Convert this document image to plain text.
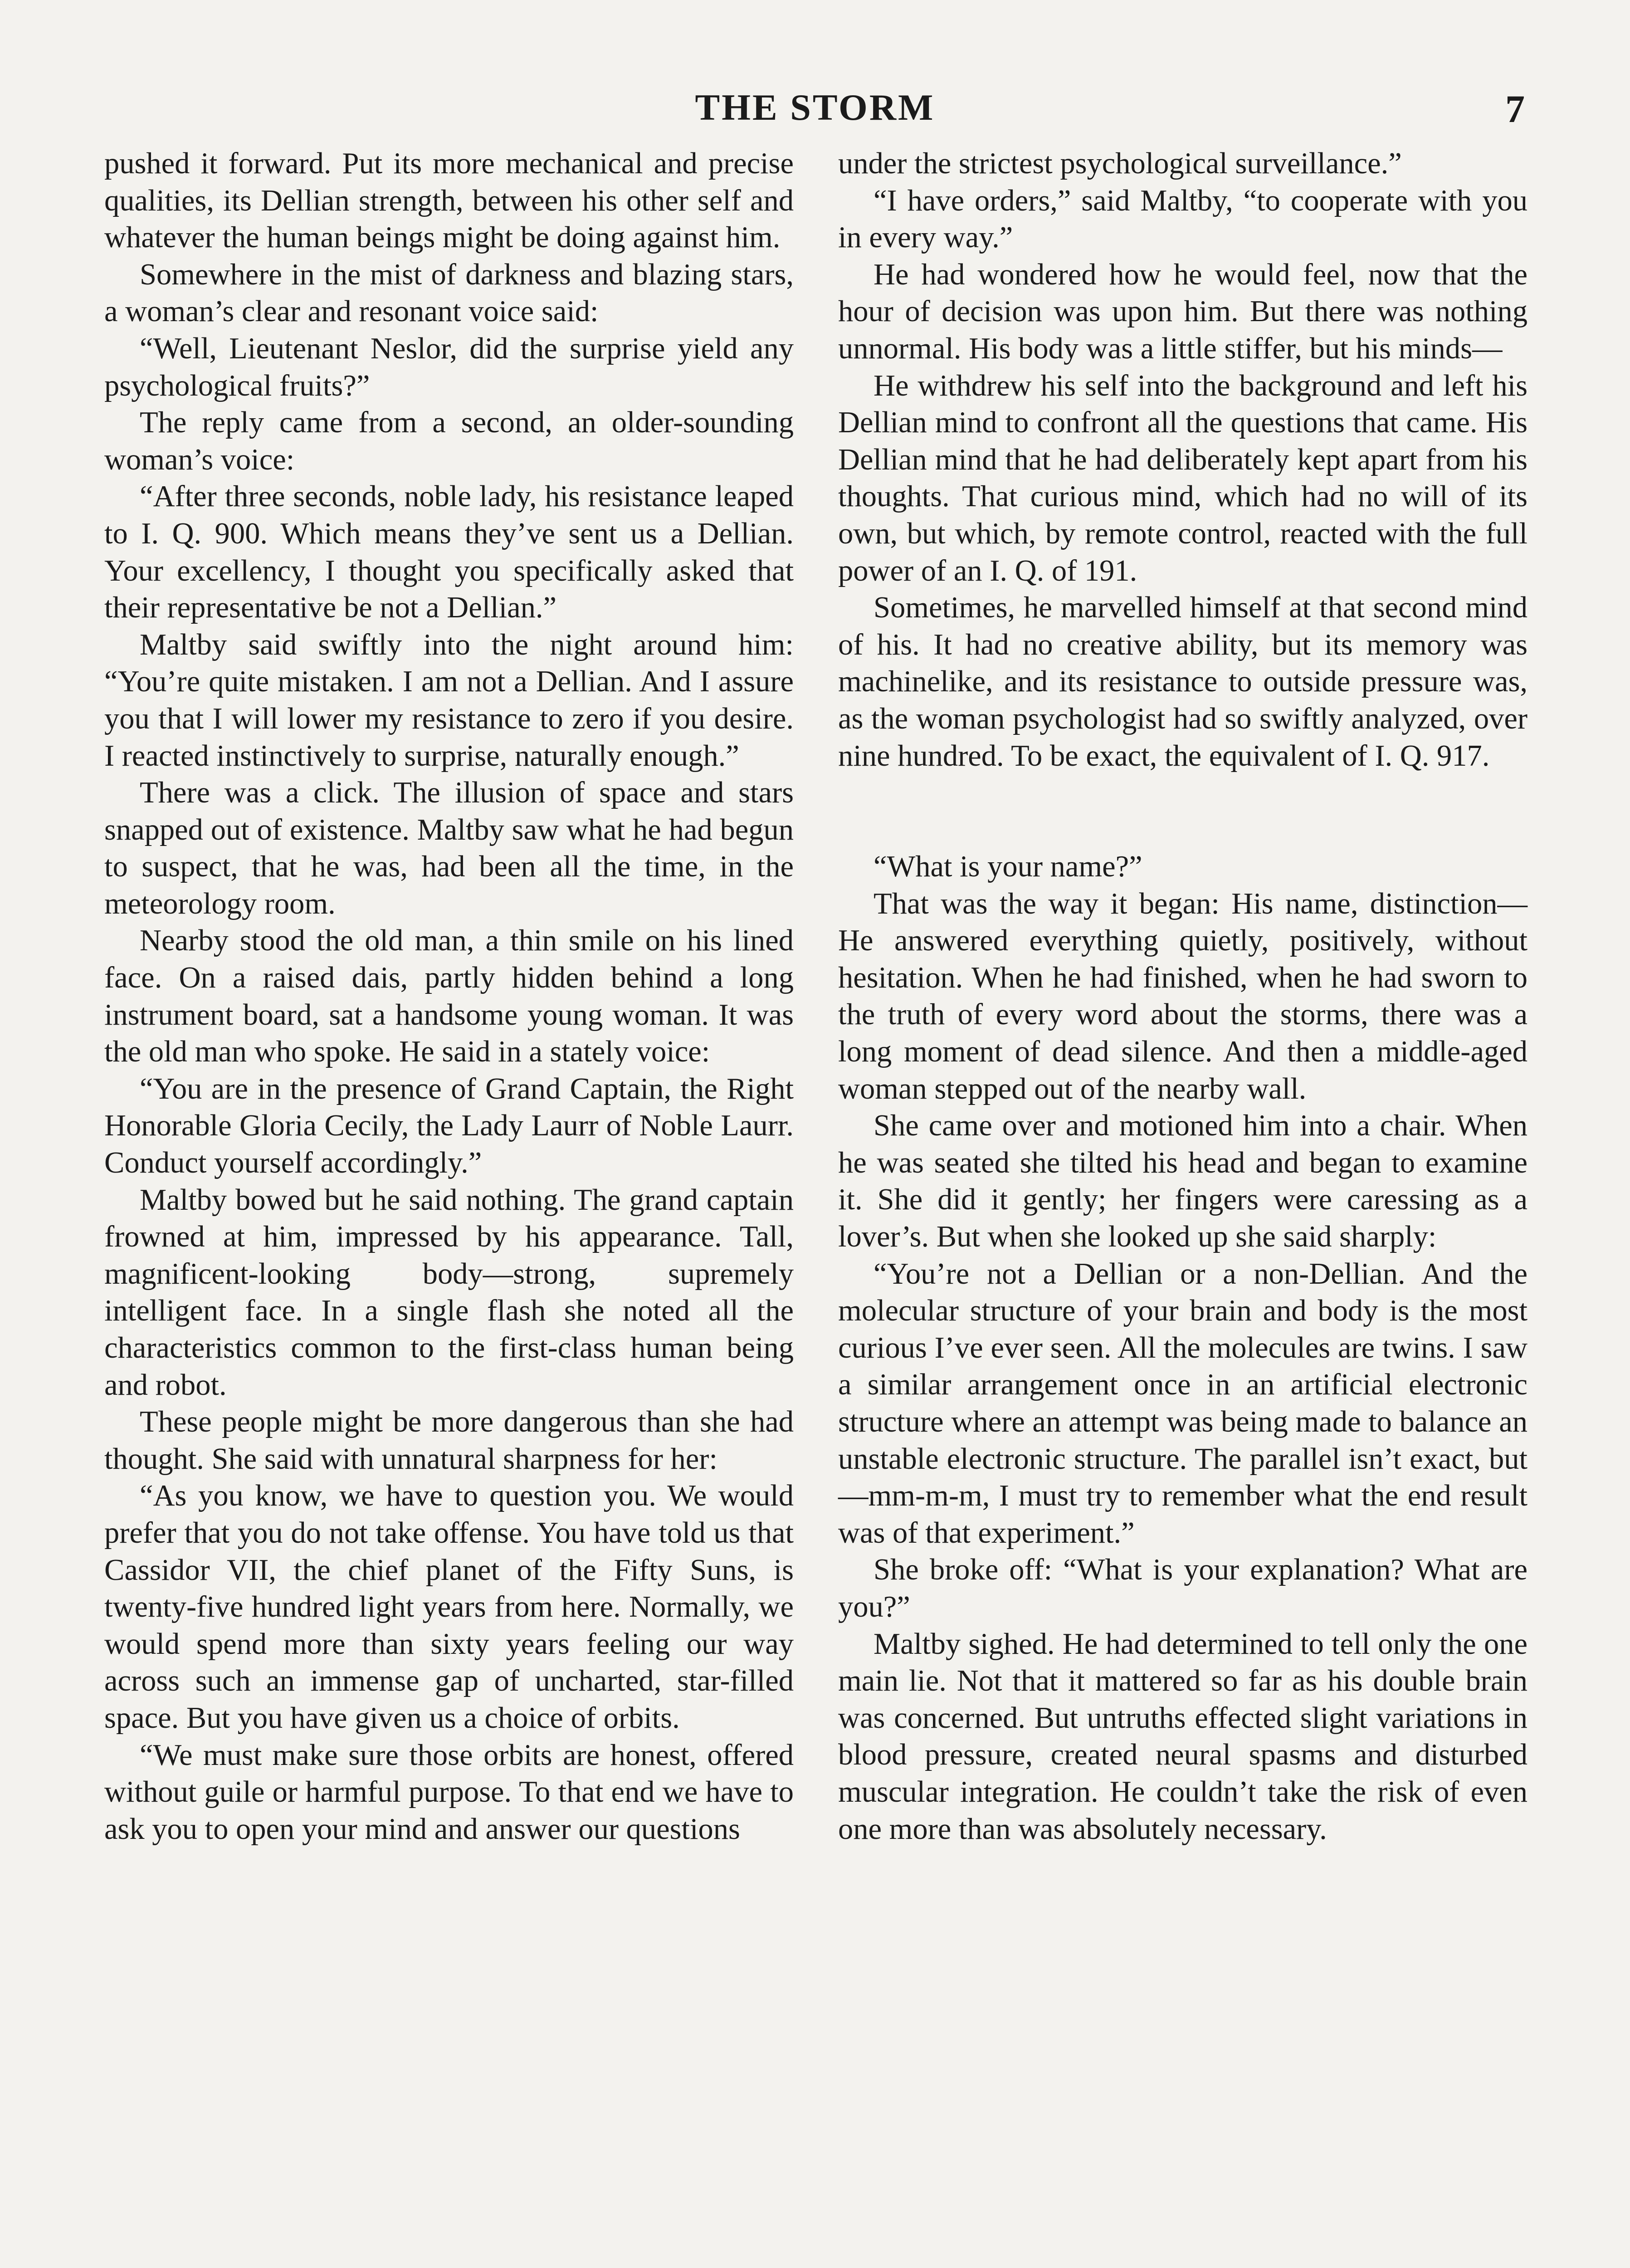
THE STORM	7

pushed it forward. Put its more mechanical and precise qualities, its Dellian strength, between his other self and whatever the human beings might be doing against him.

Somewhere in the mist of darkness and blazing stars, a woman’s clear and resonant voice said:

“Well, Lieutenant Neslor, did the surprise yield any psychological fruits?”

The reply came from a second, an older-sounding woman’s voice:

“After three seconds, noble lady, his resistance leaped to I. Q. 900. Which means they’ve sent us a Dellian. Your excellency, I thought you specifically asked that their representative be not a Dellian.”

Maltby said swiftly into the night around him: “You’re quite mistaken. I am not a Dellian. And I assure you that I will lower my resistance to zero if you desire. I reacted instinctively to surprise, naturally enough.”

There was a click. The illusion of space and stars snapped out of existence. Maltby saw what he had begun to suspect, that he was, had been all the time, in the meteorology room.

Nearby stood the old man, a thin smile on his lined face. On a raised dais, partly hidden behind a long instrument board, sat a handsome young woman. It was the old man who spoke. He said in a stately voice:

“You are in the presence of Grand Captain, the Right Honorable Gloria Cecily, the Lady Laurr of Noble Laurr. Conduct yourself accordingly.”

Maltby bowed but he said nothing. The grand captain frowned at him, impressed by his appearance. Tall, magnificent-looking body—strong, supremely intelligent face. In a single flash she noted all the characteristics common to the first-class human being and robot.

These people might be more dangerous than she had thought. She said with unnatural sharpness for her:

“As you know, we have to question you. We would prefer that you do not take offense. You have told us that Cassidor VII, the chief planet of the Fifty Suns, is twenty-five hundred light years from here. Normally, we would spend more than sixty years feeling our way across such an immense gap of uncharted, star-filled space. But you have given us a choice of orbits.

“We must make sure those orbits are honest, offered without guile or harmful purpose. To that end we have to ask you to open your mind and answer our questions

under the strictest psychological surveillance.”

“I have orders,” said Maltby, “to cooperate with you in every way.”

He had wondered how he would feel, now that the hour of decision was upon him. But there was nothing unnormal. His body was a little stiffer, but his minds—

He withdrew his self into the background and left his Dellian mind to confront all the questions that came. His Dellian mind that he had deliberately kept apart from his thoughts. That curious mind, which had no will of its own, but which, by remote control, reacted with the full power of an I. Q. of 191.

Sometimes, he marvelled himself at that second mind of his. It had no creative ability, but its memory was machinelike, and its resistance to outside pressure was, as the woman psychologist had so swiftly analyzed, over nine hundred. To be exact, the equivalent of I. Q. 917.

“What is your name?”

That was the way it began: His name, distinction— He answered everything quietly, positively, without hesitation. When he had finished, when he had sworn to the truth of every word about the storms, there was a long moment of dead silence. And then a middle-aged woman stepped out of the nearby wall.

She came over and motioned him into a chair. When he was seated she tilted his head and began to examine it. She did it gently; her fingers were caressing as a lover’s. But when she looked up she said sharply:

“You’re not a Dellian or a non-Dellian. And the molecular structure of your brain and body is the most curious I’ve ever seen. All the molecules are twins. I saw a similar arrangement once in an artificial electronic structure where an attempt was being made to balance an unstable electronic structure. The parallel isn’t exact, but—mm-m-m, I must try to remember what the end result was of that experiment.”

She broke off: “What is your explanation? What are you?”

Maltby sighed. He had determined to tell only the one main lie. Not that it mattered so far as his double brain was concerned. But untruths effected slight variations in blood pressure, created neural spasms and disturbed muscular integration. He couldn’t take the risk of even one more than was absolutely necessary.
